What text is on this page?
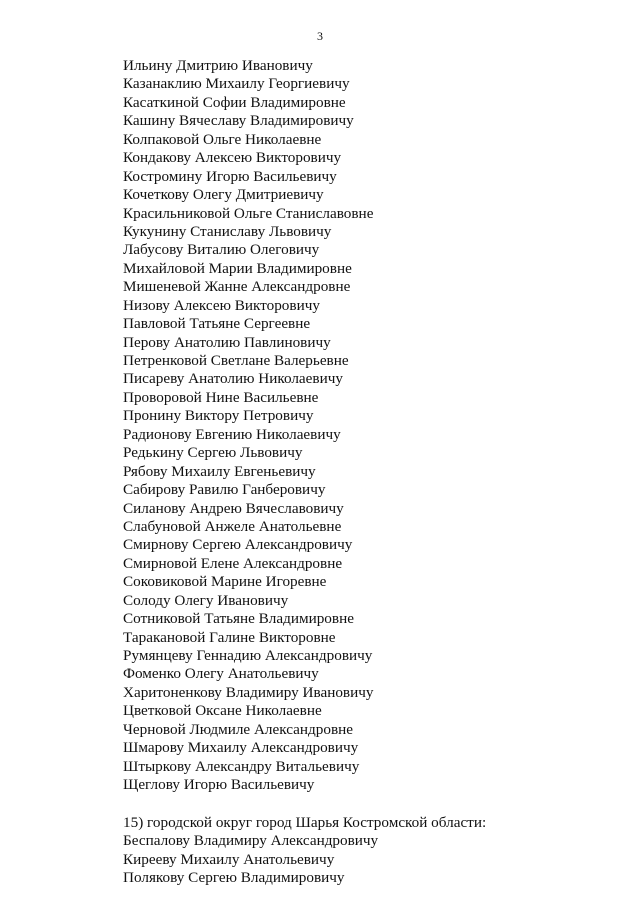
3
Ильину Дмитрию Ивановичу
Казанаклию Михаилу Георгиевичу
Касаткиной Софии Владимировне
Кашину Вячеславу Владимировичу
Колпаковой Ольге Николаевне
Кондакову Алексею Викторовичу
Костромину Игорю Васильевичу
Кочеткову Олегу Дмитриевичу
Красильниковой Ольге Станиславовне
Кукунину Станиславу Львовичу
Лабусову Виталию Олеговичу
Михайловой Марии Владимировне
Мишеневой Жанне Александровне
Низову Алексею Викторовичу
Павловой Татьяне Сергеевне
Перову Анатолию Павлиновичу
Петренковой Светлане Валерьевне
Писареву Анатолию Николаевичу
Проворовой Нине Васильевне
Пронину Виктору Петровичу
Радионову Евгению Николаевичу
Редькину Сергею Львовичу
Рябову Михаилу Евгеньевичу
Сабирову Равилю Ганберовичу
Силанову Андрею Вячеславовичу
Слабуновой Анжеле Анатольевне
Смирнову Сергею Александровичу
Смирновой Елене Александровне
Соковиковой Марине Игоревне
Солоду Олегу Ивановичу
Сотниковой Татьяне Владимировне
Таракановой Галине Викторовне
Румянцеву Геннадию Александровичу
Фоменко Олегу Анатольевичу
Харитоненкову Владимиру Ивановичу
Цветковой Оксане Николаевне
Черновой Людмиле Александровне
Шмарову Михаилу Александровичу
Штыркову Александру Витальевичу
Щеглову Игорю Васильевичу

15) городской округ город Шарья Костромской области:

Беспалову Владимиру Александровичу
Кирееву Михаилу Анатольевичу
Полякову Сергею Владимировичу
